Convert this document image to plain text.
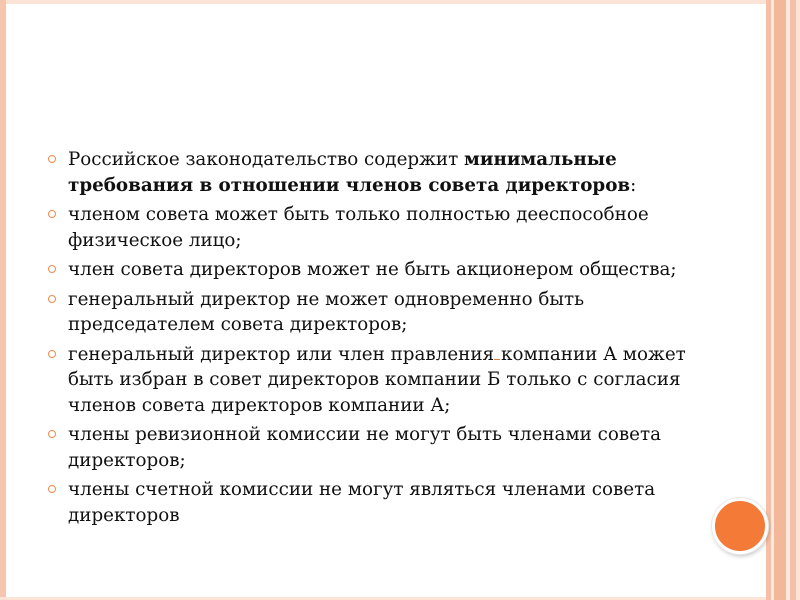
Российское законодательство содержит минимальные требования в отношении членов совета директоров:
членом совета может быть только полностью дееспособное физическое лицо;
член совета директоров может не быть акционером общества;
генеральный директор не может одновременно быть председателем совета директоров;
генеральный директор или член правления компании А может быть избран в совет директоров компании Б только с согласия членов совета директоров компании А;
члены ревизионной комиссии не могут быть членами совета директоров;
члены счетной комиссии не могут являться членами совета директоров
